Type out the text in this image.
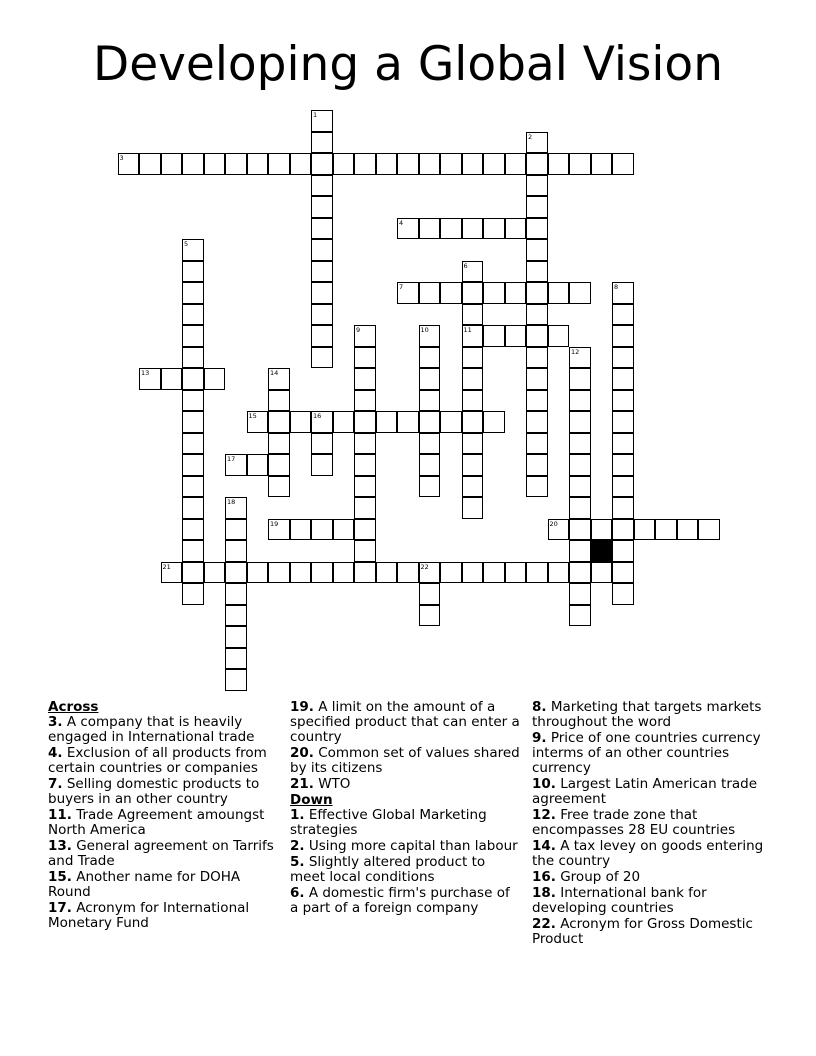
Developing a Global Vision
1
2
3
4
5
6
11
7	8
9	10
12
13	14
15	16
17
18
19	20
21	22

Across

3. A company that is heavily engaged in International trade

4. Exclusion of all products from certain countries or companies

7. Selling domestic products to buyers in an other country

11. Trade Agreement amoungst North America

13. General agreement on Tarrifs and Trade

15. Another name for DOHA Round

17. Acronym for International Monetary Fund

19. A limit on the amount of a specified product that can enter a country

20. Common set of values shared by its citizens

21. WTO

Down

1. Effective Global Marketing strategies

2. Using more capital than labour

5. Slightly altered product to meet local conditions

6. A domestic firm's purchase of a part of a foreign company

8. Marketing that targets markets throughout the word

9. Price of one countries currency interms of an other countries currency

10. Largest Latin American trade agreement

12. Free trade zone that encompasses 28 EU countries

14. A tax levey on goods entering the country

16. Group of 20

18. International bank for developing countries

22. Acronym for Gross Domestic Product
